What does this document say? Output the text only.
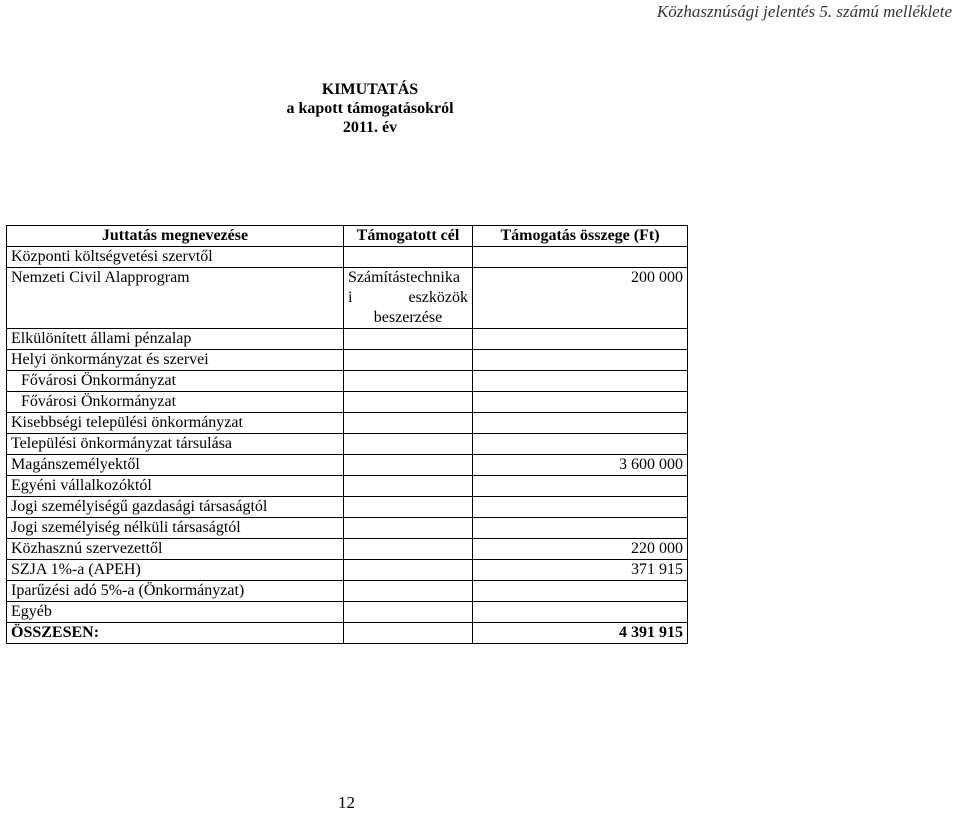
Közhasznúsági jelentés 5. számú melléklete
KIMUTATÁS
a kapott támogatásokról
2011. év
Juttatás megnevezése	Támogatott cél	Támogatás összege (Ft)
Központi költségvetési szervtől		
Nemzeti Civil Alapprogram	Számítástechnika i eszközök beszerzése	200 000
Elkülönített állami pénzalap		
Helyi önkormányzat és szervei		
Fővárosi Önkormányzat		
Fővárosi Önkormányzat		
Kisebbségi települési önkormányzat		
Települési önkormányzat társulása		
Magánszemélyektől		3 600 000
Egyéni vállalkozóktól		
Jogi személyiségű gazdasági társaságtól		
Jogi személyiség nélküli társaságtól		
Közhasznú szervezettől		220 000
SZJA 1%-a (APEH)		371 915
Iparűzési adó 5%-a (Önkormányzat)		
Egyéb		
ÖSSZESEN:		4 391 915
12
